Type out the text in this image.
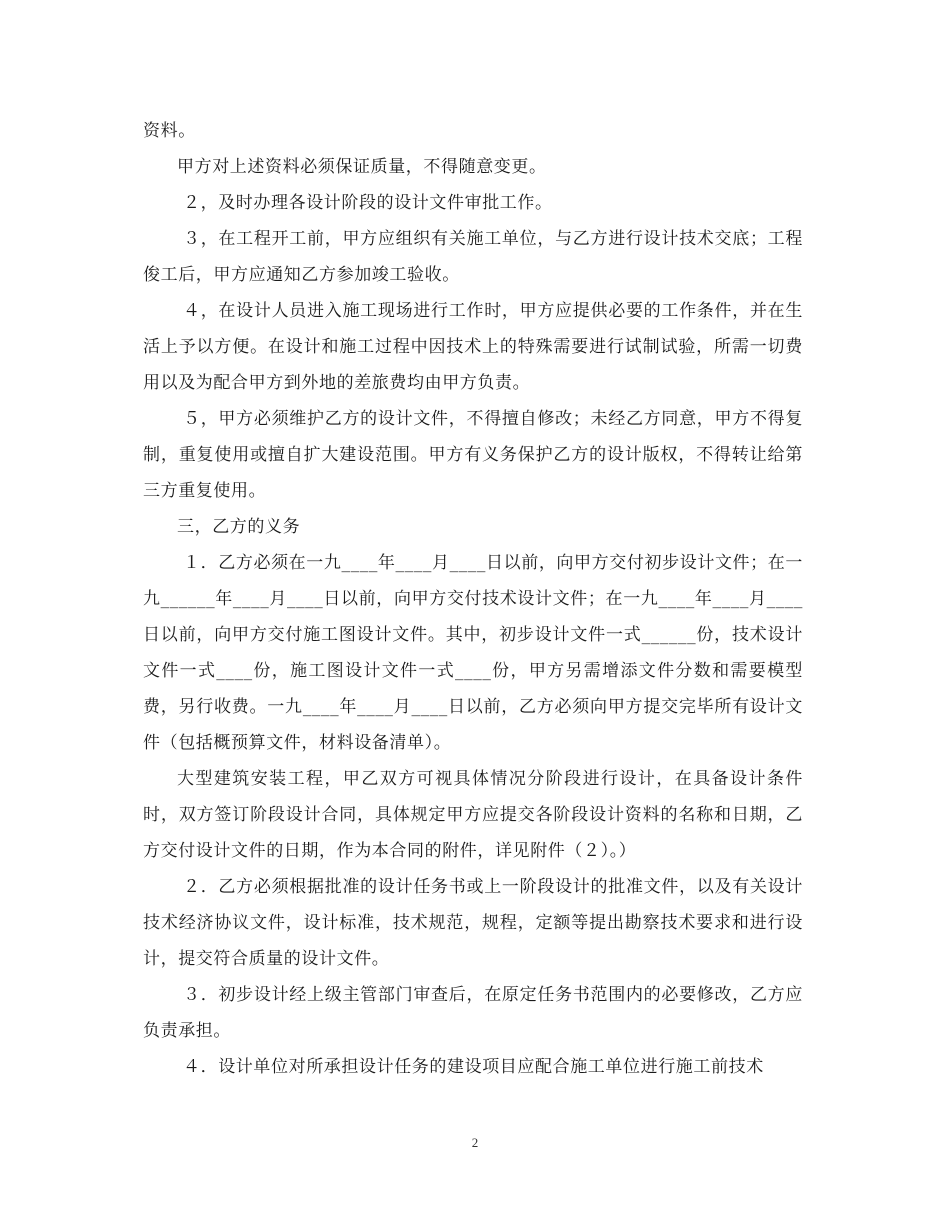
资料。

甲方对上述资料必须保证质量，不得随意变更。

２，及时办理各设计阶段的设计文件审批工作。

３，在工程开工前，甲方应组织有关施工单位，与乙方进行设计技术交底；工程俊工后，甲方应通知乙方参加竣工验收。

４，在设计人员进入施工现场进行工作时，甲方应提供必要的工作条件，并在生活上予以方便。在设计和施工过程中因技术上的特殊需要进行试制试验，所需一切费用以及为配合甲方到外地的差旅费均由甲方负责。

５，甲方必须维护乙方的设计文件，不得擅自修改；未经乙方同意，甲方不得复制，重复使用或擅自扩大建设范围。甲方有义务保护乙方的设计版权，不得转让给第三方重复使用。

三，乙方的义务

１．乙方必须在一九____年____月____日以前，向甲方交付初步设计文件；在一九______年____月____日以前，向甲方交付技术设计文件；在一九____年____月____日以前，向甲方交付施工图设计文件。其中，初步设计文件一式______份，技术设计文件一式____份，施工图设计文件一式____份，甲方另需增添文件分数和需要模型费，另行收费。一九____年____月____日以前，乙方必须向甲方提交完毕所有设计文件（包括概预算文件，材料设备清单）。

大型建筑安装工程，甲乙双方可视具体情况分阶段进行设计，在具备设计条件时，双方签订阶段设计合同，具体规定甲方应提交各阶段设计资料的名称和日期，乙方交付设计文件的日期，作为本合同的附件，详见附件（２）。）

２．乙方必须根据批准的设计任务书或上一阶段设计的批准文件，以及有关设计技术经济协议文件，设计标准，技术规范，规程，定额等提出勘察技术要求和进行设计，提交符合质量的设计文件。

３．初步设计经上级主管部门审查后，在原定任务书范围内的必要修改，乙方应负责承担。

４．设计单位对所承担设计任务的建设项目应配合施工单位进行施工前技术

2
